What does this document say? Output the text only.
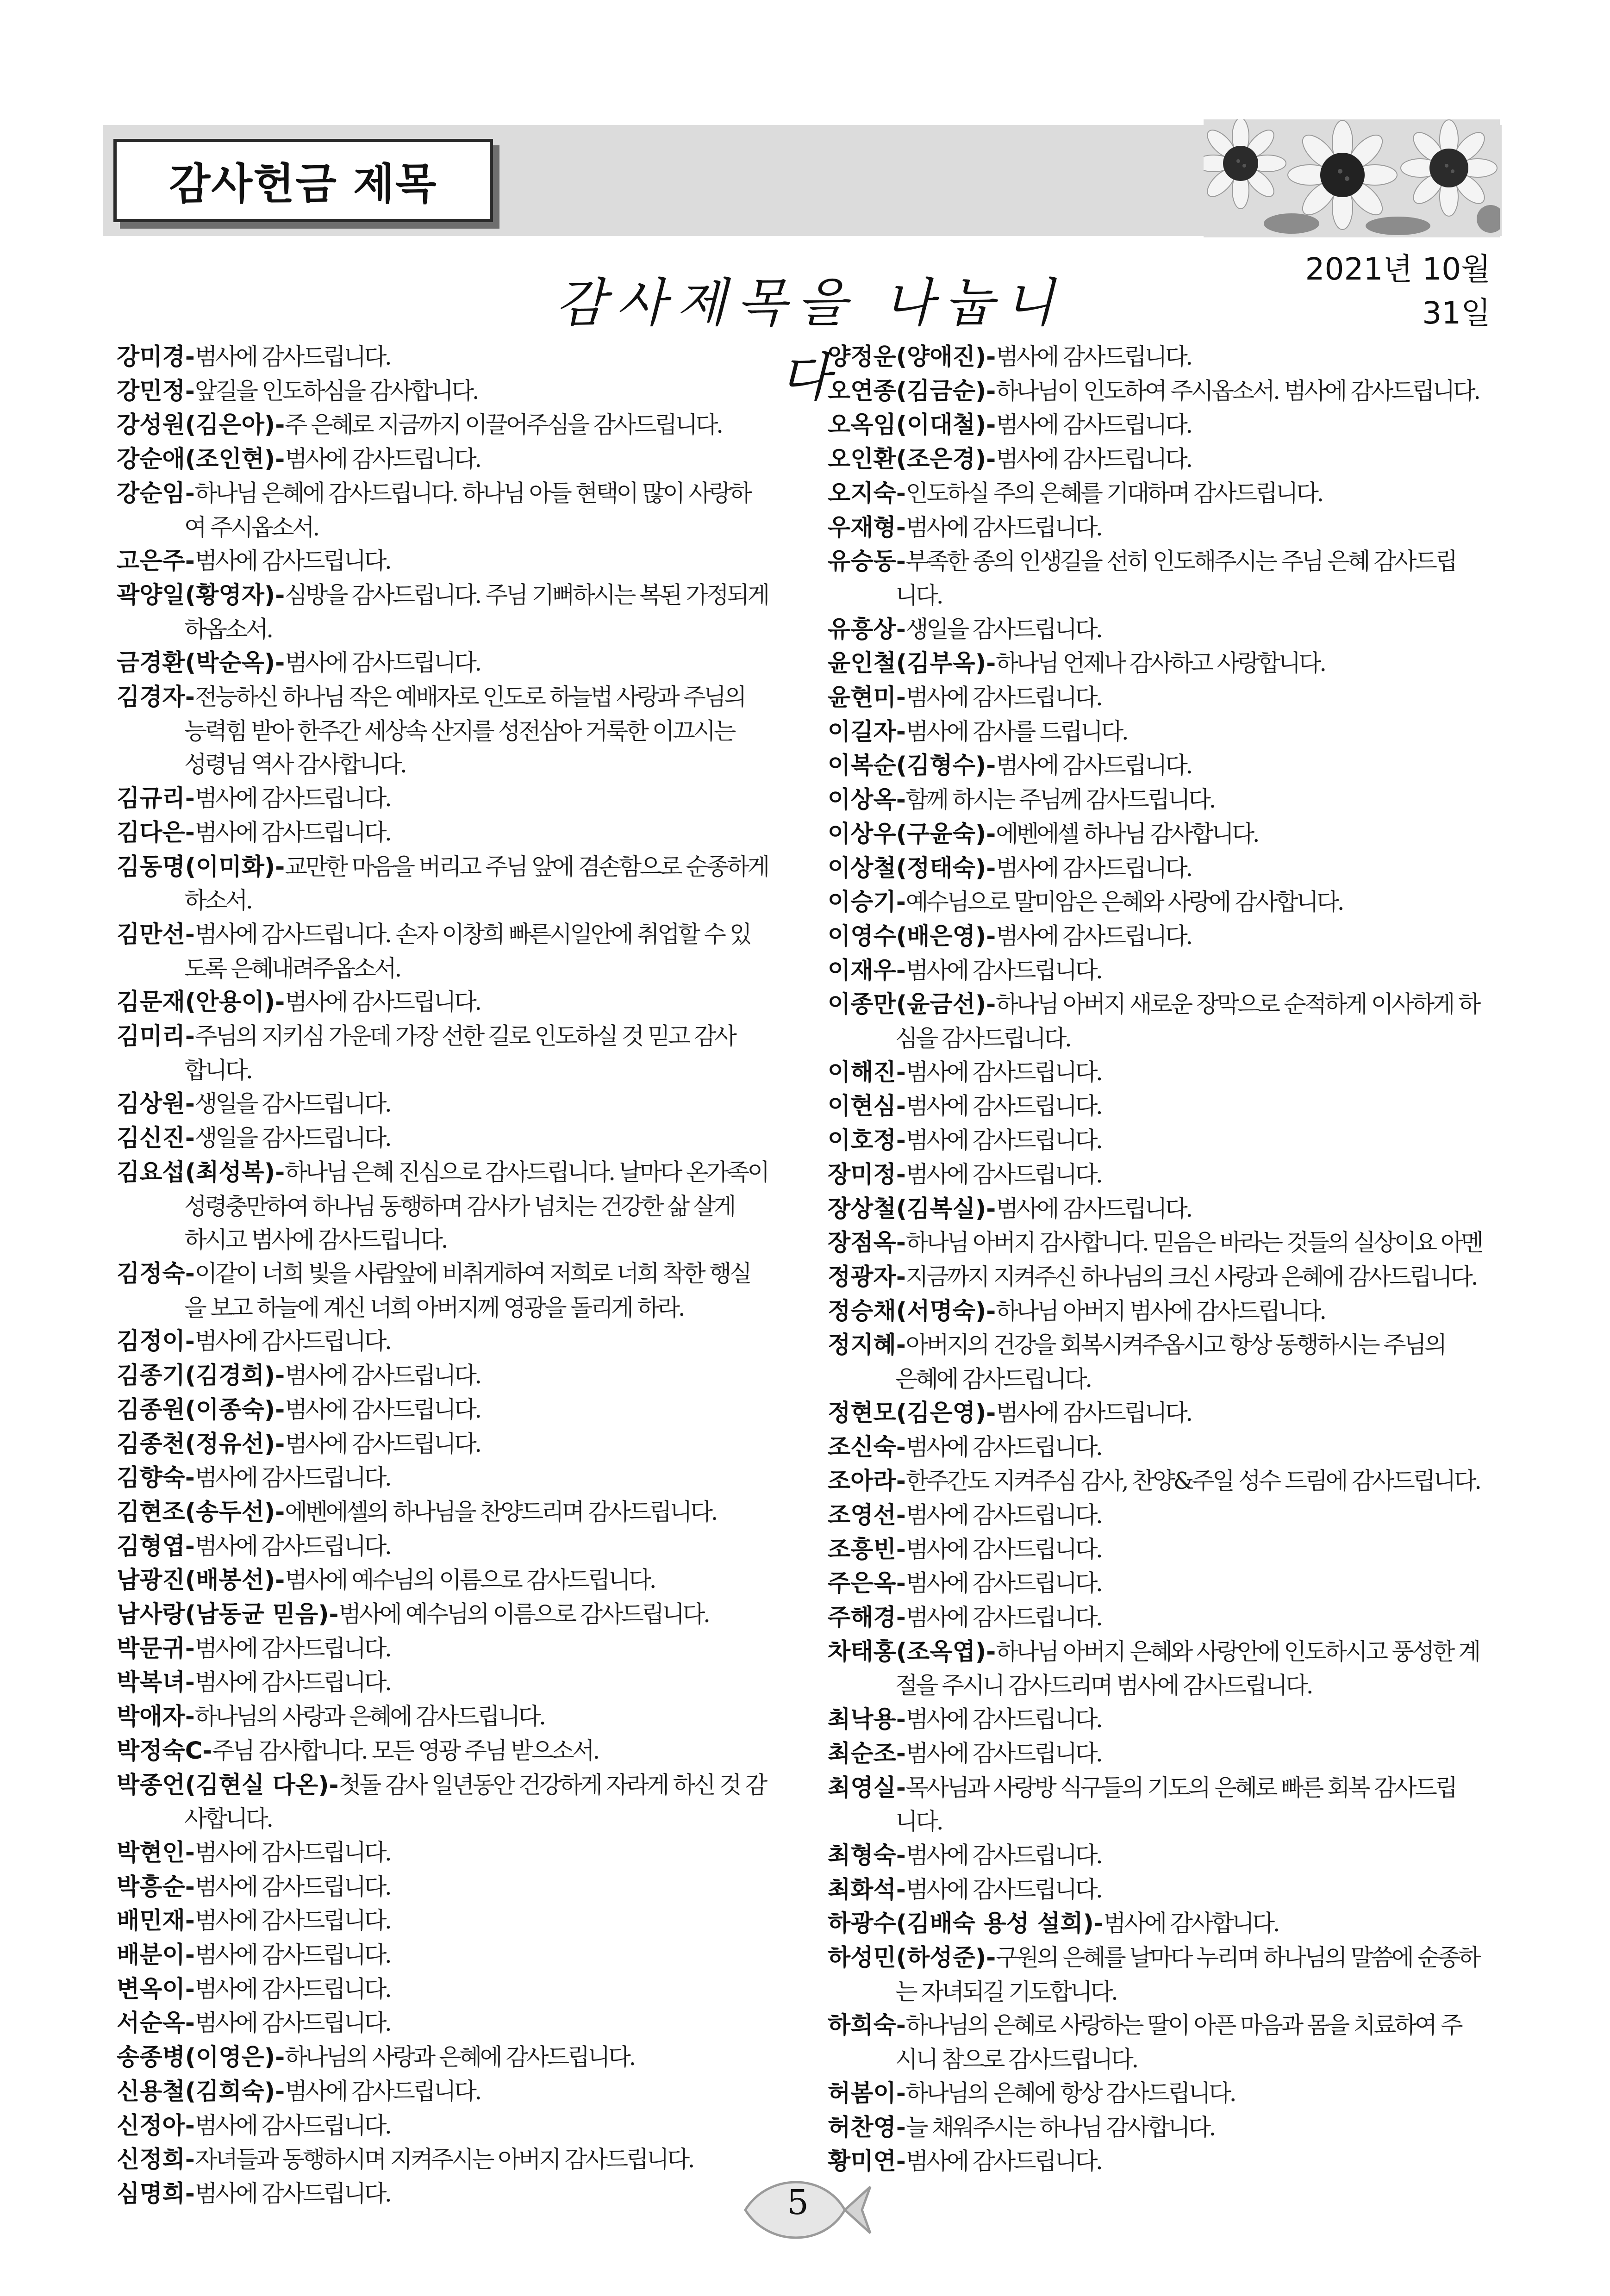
감사헌금 제목
2021년 10월 31일
감사제목을 나눕니다
강미경-범사에 감사드립니다.
강민정-앞길을 인도하심을 감사합니다.
강성원(김은아)-주 은혜로 지금까지 이끌어주심을 감사드립니다.
강순애(조인현)-범사에 감사드립니다.
강순임-하나님 은혜에 감사드립니다. 하나님 아들 현택이 많이 사랑하
여 주시옵소서.
고은주-범사에 감사드립니다.
곽양일(황영자)-심방을 감사드립니다. 주님 기뻐하시는 복된 가정되게
하옵소서.
금경환(박순옥)-범사에 감사드립니다.
김경자-전능하신 하나님 작은 예배자로 인도로 하늘법 사랑과 주님의
능력힘 받아 한주간 세상속 산지를 성전삼아 거룩한 이끄시는
성령님 역사 감사합니다.
김규리-범사에 감사드립니다.
김다은-범사에 감사드립니다.
김동명(이미화)-교만한 마음을 버리고 주님 앞에 겸손함으로 순종하게
하소서.
김만선-범사에 감사드립니다. 손자 이창희 빠른시일안에 취업할 수 있
도록 은혜내려주옵소서.
김문재(안용이)-범사에 감사드립니다.
김미리-주님의 지키심 가운데 가장 선한 길로 인도하실 것 믿고 감사
합니다.
김상원-생일을 감사드립니다.
김신진-생일을 감사드립니다.
김요섭(최성복)-하나님 은혜 진심으로 감사드립니다. 날마다 온가족이
성령충만하여 하나님 동행하며 감사가 넘치는 건강한 삶 살게
하시고 범사에 감사드립니다.
김정숙-이같이 너희 빛을 사람앞에 비취게하여 저희로 너희 착한 행실
을 보고 하늘에 계신 너희 아버지께 영광을 돌리게 하라.
김정이-범사에 감사드립니다.
김종기(김경희)-범사에 감사드립니다.
김종원(이종숙)-범사에 감사드립니다.
김종천(정유선)-범사에 감사드립니다.
김향숙-범사에 감사드립니다.
김현조(송두선)-에벤에셀의 하나님을 찬양드리며 감사드립니다.
김형엽-범사에 감사드립니다.
남광진(배봉선)-범사에 예수님의 이름으로 감사드립니다.
남사랑(남동균 믿음)-범사에 예수님의 이름으로 감사드립니다.
박문귀-범사에 감사드립니다.
박복녀-범사에 감사드립니다.
박애자-하나님의 사랑과 은혜에 감사드립니다.
박정숙C-주님 감사합니다. 모든 영광 주님 받으소서.
박종언(김현실 다온)-첫돌 감사 일년동안 건강하게 자라게 하신 것 감
사합니다.
박현인-범사에 감사드립니다.
박흥순-범사에 감사드립니다.
배민재-범사에 감사드립니다.
배분이-범사에 감사드립니다.
변옥이-범사에 감사드립니다.
서순옥-범사에 감사드립니다.
송종병(이영은)-하나님의 사랑과 은혜에 감사드립니다.
신용철(김희숙)-범사에 감사드립니다.
신정아-범사에 감사드립니다.
신정희-자녀들과 동행하시며 지켜주시는 아버지 감사드립니다.
심명희-범사에 감사드립니다.
양정운(양애진)-범사에 감사드립니다.
오연종(김금순)-하나님이 인도하여 주시옵소서. 범사에 감사드립니다.
오옥임(이대철)-범사에 감사드립니다.
오인환(조은경)-범사에 감사드립니다.
오지숙-인도하실 주의 은혜를 기대하며 감사드립니다.
우재형-범사에 감사드립니다.
유승동-부족한 종의 인생길을 선히 인도해주시는 주님 은혜 감사드립
니다.
유흥상-생일을 감사드립니다.
윤인철(김부옥)-하나님 언제나 감사하고 사랑합니다.
윤현미-범사에 감사드립니다.
이길자-범사에 감사를 드립니다.
이복순(김형수)-범사에 감사드립니다.
이상옥-함께 하시는 주님께 감사드립니다.
이상우(구윤숙)-에벤에셀 하나님 감사합니다.
이상철(정태숙)-범사에 감사드립니다.
이승기-예수님으로 말미암은 은혜와 사랑에 감사합니다.
이영수(배은영)-범사에 감사드립니다.
이재우-범사에 감사드립니다.
이종만(윤금선)-하나님 아버지 새로운 장막으로 순적하게 이사하게 하
심을 감사드립니다.
이해진-범사에 감사드립니다.
이현심-범사에 감사드립니다.
이호정-범사에 감사드립니다.
장미정-범사에 감사드립니다.
장상철(김복실)-범사에 감사드립니다.
장점옥-하나님 아버지 감사합니다. 믿음은 바라는 것들의 실상이요 아멘
정광자-지금까지 지켜주신 하나님의 크신 사랑과 은혜에 감사드립니다.
정승채(서명숙)-하나님 아버지 범사에 감사드립니다.
정지혜-아버지의 건강을 회복시켜주옵시고 항상 동행하시는 주님의
은혜에 감사드립니다.
정현모(김은영)-범사에 감사드립니다.
조신숙-범사에 감사드립니다.
조아라-한주간도 지켜주심 감사, 찬양&주일 성수 드림에 감사드립니다.
조영선-범사에 감사드립니다.
조흥빈-범사에 감사드립니다.
주은옥-범사에 감사드립니다.
주해경-범사에 감사드립니다.
차태홍(조옥엽)-하나님 아버지 은혜와 사랑안에 인도하시고 풍성한 계
절을 주시니 감사드리며 범사에 감사드립니다.
최낙용-범사에 감사드립니다.
최순조-범사에 감사드립니다.
최영실-목사님과 사랑방 식구들의 기도의 은혜로 빠른 회복 감사드립
니다.
최형숙-범사에 감사드립니다.
최화석-범사에 감사드립니다.
하광수(김배숙 용성 설희)-범사에 감사합니다.
하성민(하성준)-구원의 은혜를 날마다 누리며 하나님의 말씀에 순종하
는 자녀되길 기도합니다.
하희숙-하나님의 은혜로 사랑하는 딸이 아픈 마음과 몸을 치료하여 주
시니 참으로 감사드립니다.
허봄이-하나님의 은혜에 항상 감사드립니다.
허찬영-늘 채워주시는 하나님 감사합니다.
황미연-범사에 감사드립니다.
5
